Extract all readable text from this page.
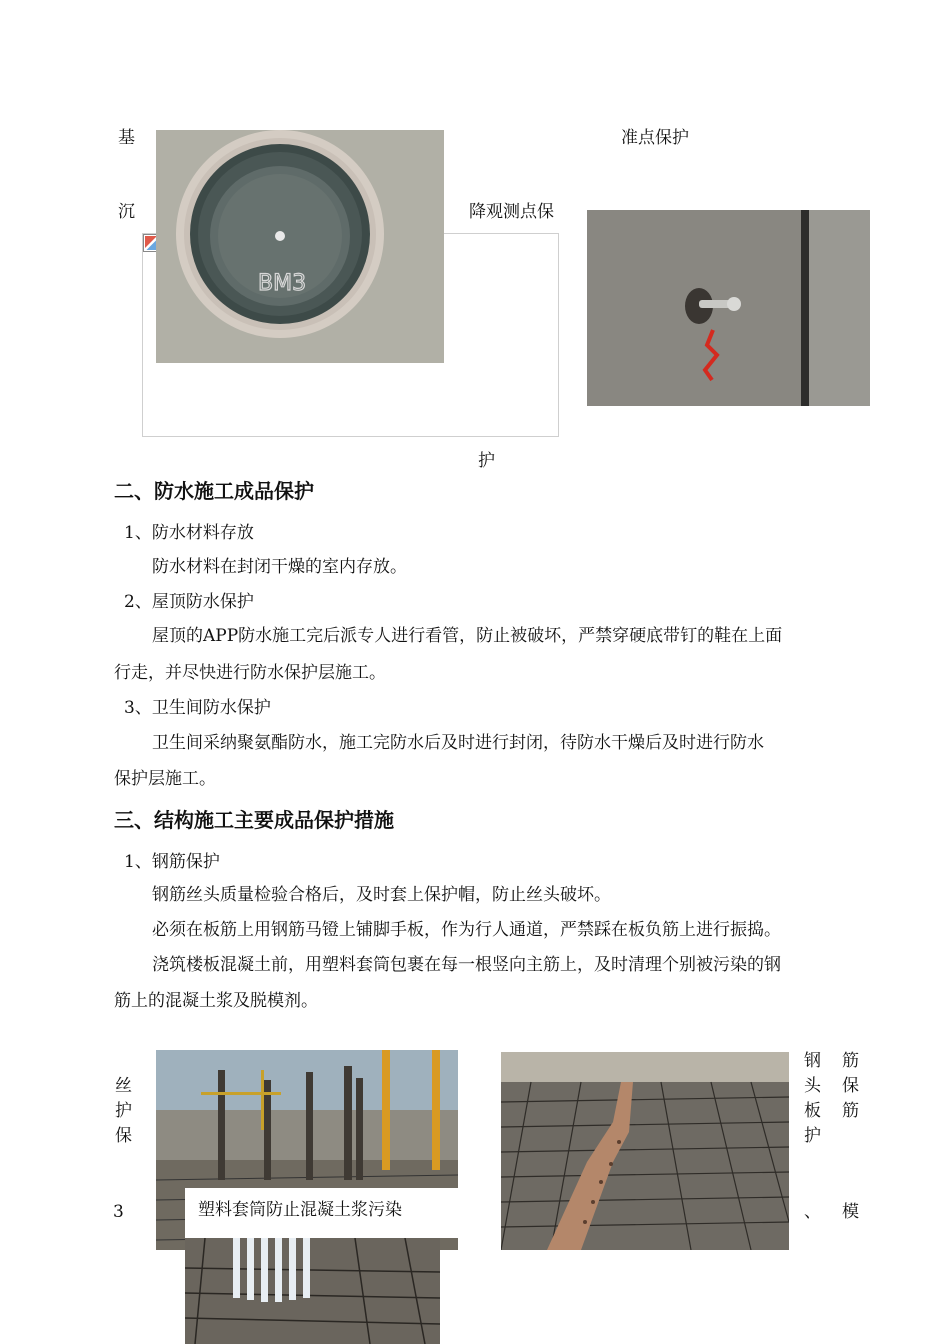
基
沉
准点保护
降观测点保
护
BM3
二、防水施工成品保护
1、防水材料存放
防水材料在封闭干燥的室内存放。
2、屋顶防水保护
屋顶的APP防水施工完后派专人进行看管，防止被破坏，严禁穿硬底带钉的鞋在上面
行走，并尽快进行防水保护层施工。
3、卫生间防水保护
卫生间采纳聚氨酯防水，施工完防水后及时进行封闭，待防水干燥后及时进行防水
保护层施工。
三、结构施工主要成品保护措施
1、钢筋保护
钢筋丝头质量检验合格后，及时套上保护帽，防止丝头破坏。
必须在板筋上用钢筋马镫上铺脚手板，作为行人通道，严禁踩在板负筋上进行振捣。
浇筑楼板混凝土前，用塑料套筒包裹在每一根竖向主筋上，及时清理个别被污染的钢
筋上的混凝土浆及脱模剂。
丝
护
保
3
钢
头
板
护
、
筋
保
筋
模
塑料套筒防止混凝土浆污染
